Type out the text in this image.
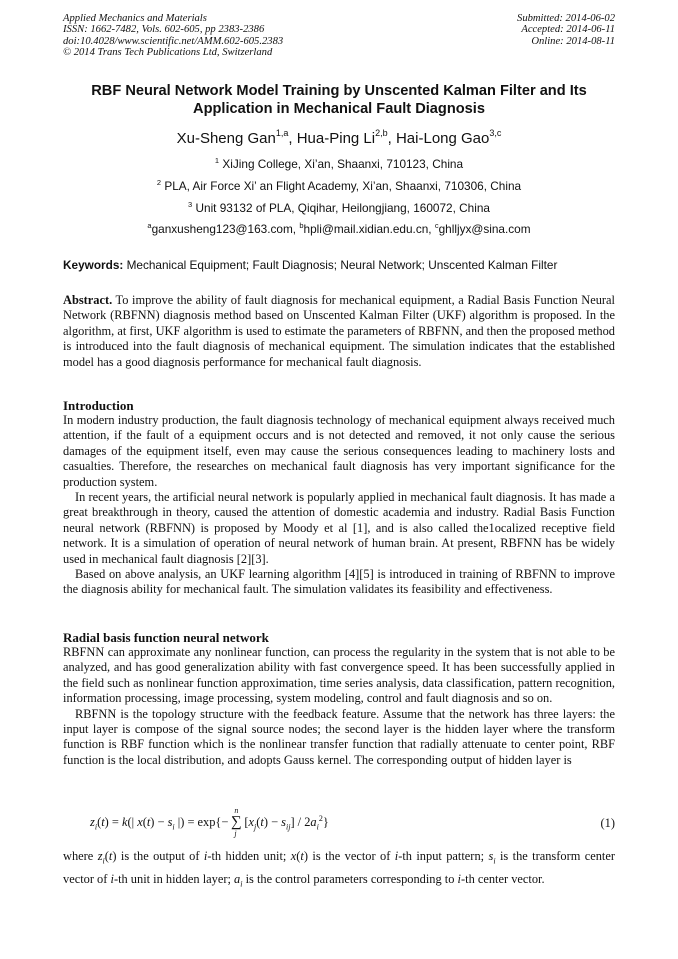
Applied Mechanics and Materials
ISSN: 1662-7482, Vols. 602-605, pp 2383-2386
doi:10.4028/www.scientific.net/AMM.602-605.2383
© 2014 Trans Tech Publications Ltd, Switzerland
Submitted: 2014-06-02
Accepted: 2014-06-11
Online: 2014-08-11
RBF Neural Network Model Training by Unscented Kalman Filter and Its
Application in Mechanical Fault Diagnosis
Xu-Sheng Gan$^{1,a}$, Hua-Ping Li$^{2,b}$, Hai-Long Gao$^{3,c}$
$^1$ XiJing College, Xi’an, Shaanxi, 710123, China
$^2$ PLA, Air Force Xi’ an Flight Academy, Xi’an, Shaanxi, 710306, China
$^3$ Unit 93132 of PLA, Qiqihar, Heilongjiang, 160072, China
$^a$ganxusheng123@163.com, $^b$hpli@mail.xidian.edu.cn, $^c$ghlljyx@sina.com
Keywords: Mechanical Equipment; Fault Diagnosis; Neural Network; Unscented Kalman Filter
Abstract. To improve the ability of fault diagnosis for mechanical equipment, a Radial Basis Function Neural Network (RBFNN) diagnosis method based on Unscented Kalman Filter (UKF) algorithm is proposed. In the algorithm, at first, UKF algorithm is used to estimate the parameters of RBFNN, and then the proposed method is introduced into the fault diagnosis of mechanical equipment. The simulation indicates that the established model has a good diagnosis performance for mechanical fault diagnosis.
Introduction

In modern industry production, the fault diagnosis technology of mechanical equipment always received much attention, if the fault of a equipment occurs and is not detected and removed, it not only cause the serious damages of the equipment itself, even may cause the serious consequences leading to machinery losts and casualties. Therefore, the researches on mechanical fault diagnosis has very important significance for the production system.

In recent years, the artificial neural network is popularly applied in mechanical fault diagnosis. It has made a great breakthrough in theory, caused the attention of domestic academia and industry. Radial Basis Function neural network (RBFNN) is proposed by Moody et al [1], and is also called the1ocalized receptive field network. It is a simulation of operation of neural network of human brain. At present, RBFNN has be widely used in mechanical fault diagnosis [2][3].

Based on above analysis, an UKF learning algorithm [4][5] is introduced in training of RBFNN to improve the diagnosis ability for mechanical fault. The simulation validates its feasibility and effectiveness.

Radial basis function neural network

RBFNN can approximate any nonlinear function, can process the regularity in the system that is not able to be analyzed, and has good generalization ability with fast convergence speed. It has been successfully applied in the field such as nonlinear function approximation, time series analysis, data classification, pattern recognition, information processing, image processing, system modeling, control and fault diagnosis and so on.

RBFNN is the topology structure with the feedback feature. Assume that the network has three layers: the input layer is compose of the signal source nodes; the second layer is the hidden layer where the transform function is RBF function which is the nonlinear transfer function that radially attenuate to center point, RBF function is the local distribution, and adopts Gauss kernel. The corresponding output of hidden layer is

$z_i(t) = k(|$ $x(t) - s_i$ |) = exp{−
n
∑
j
$[x_j(t) - s_{ij}] / 2a_i^2$}	(1)
where $z_i(t)$ is the output of i-th hidden unit; x(t) is the vector of i-th input pattern; $s_i$ is the transform center vector of i-th unit in hidden layer; $a_i$ is the control parameters corresponding to i-th center vector.
